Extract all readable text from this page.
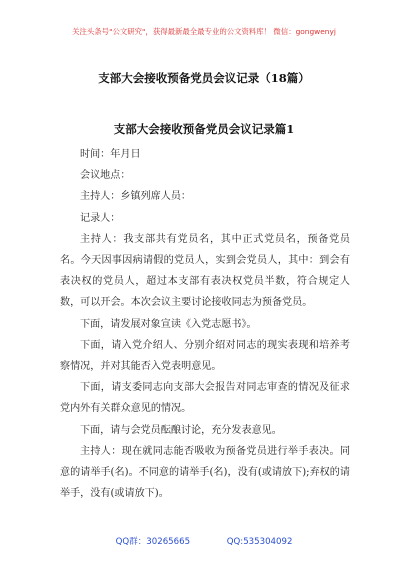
关注头条号"公文研究"，获得最新最全最专业的公文资料库！ 微信：gongwenyj
支部大会接收预备党员会议记录（18篇）
支部大会接收预备党员会议记录篇1

时间：年月日

会议地点：

主持人：乡镇列席人员：

记录人：

主持人：我支部共有党员名，其中正式党员名，预备党员名。今天因事因病请假的党员人，实到会党员人，其中：到会有表决权的党员人，超过本支部有表决权党员半数，符合规定人数，可以开会。本次会议主要讨论接收同志为预备党员。

下面，请发展对象宣读《入党志愿书》。

下面，请入党介绍人、分别介绍对同志的现实表现和培养考察情况，并对其能否入党表明意见。

下面，请支委同志向支部大会报告对同志审查的情况及征求党内外有关群众意见的情况。

下面，请与会党员酝酿讨论，充分发表意见。

主持人：现在就同志能否吸收为预备党员进行举手表决。同意的请举手(名)。不同意的请举手(名)，没有(或请放下);弃权的请举手，没有(或请放下)。

QQ群：30265665	QQ:535304092
